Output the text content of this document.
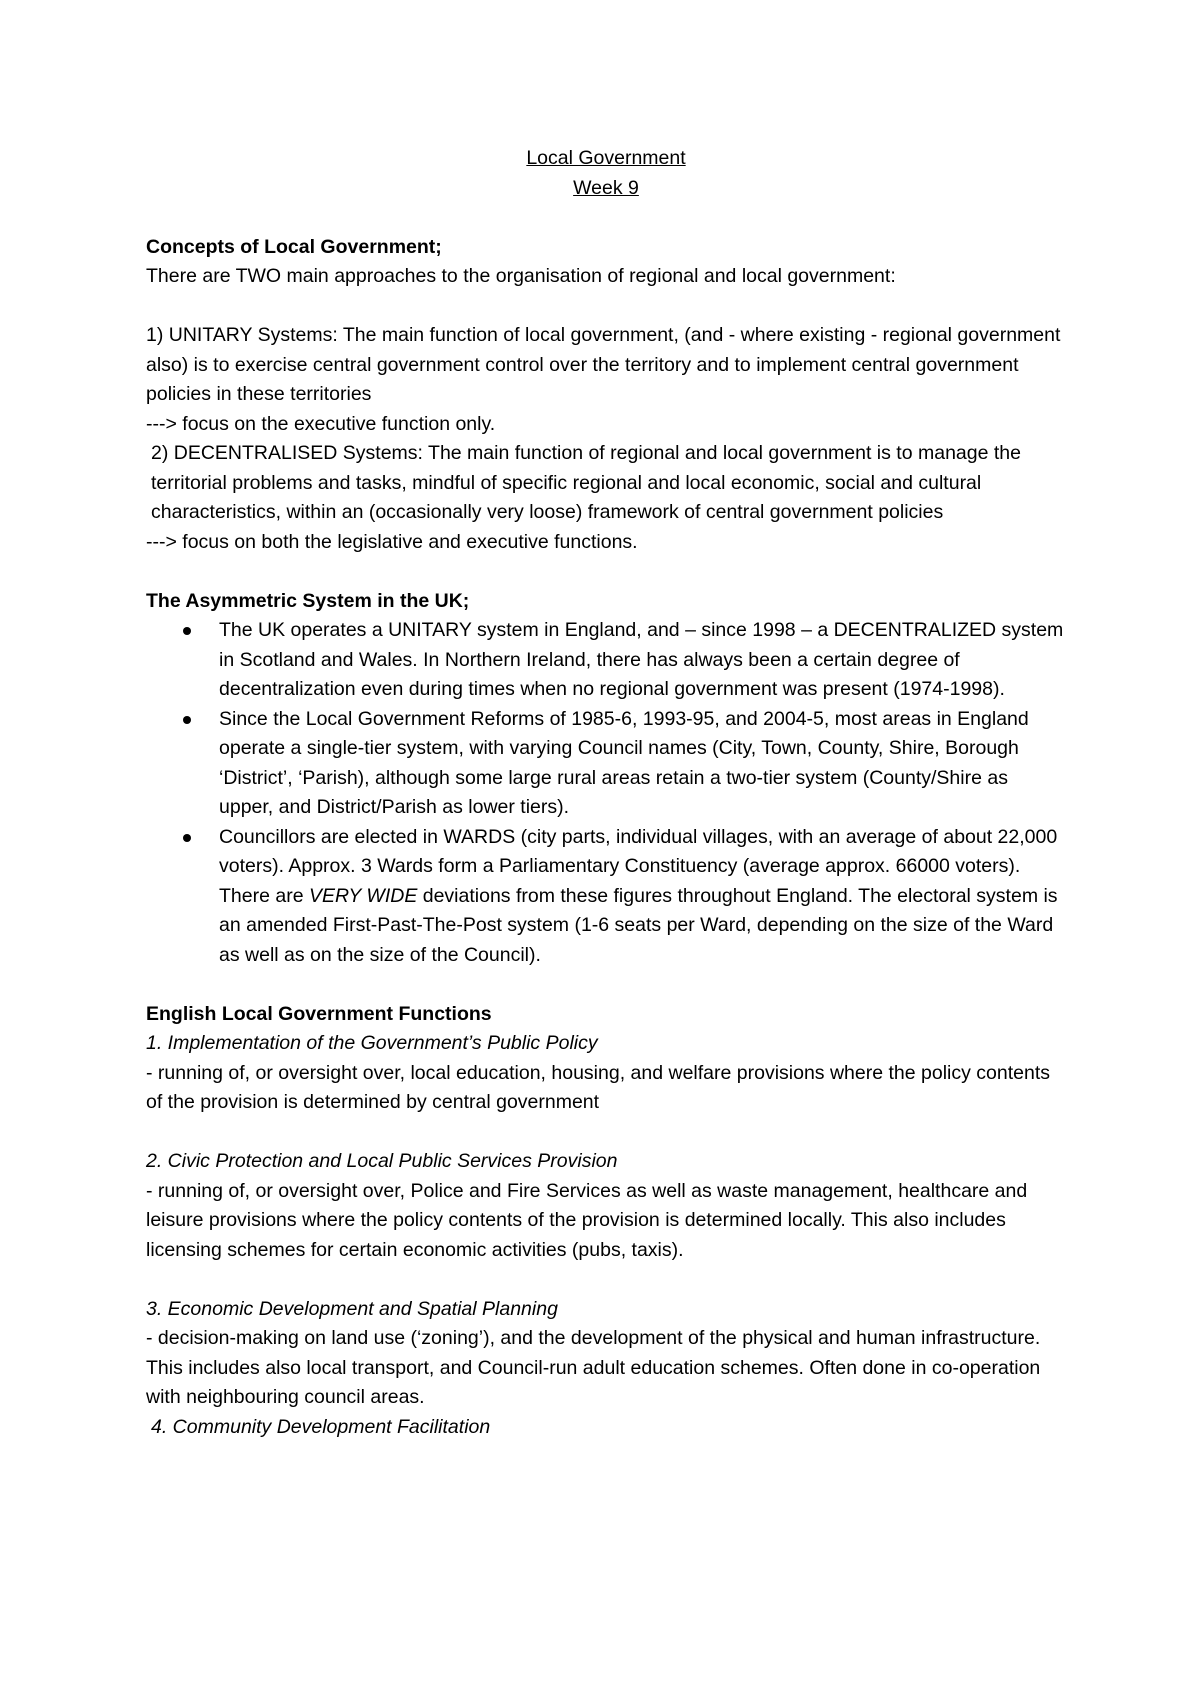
Local Government

Week 9

Concepts of Local Government;

There are TWO main approaches to the organisation of regional and local government:

1) UNITARY Systems: The main function of local government, (and - where existing - regional government also) is to exercise central government control over the territory and to implement central government policies in these territories

---> focus on the executive function only.

2) DECENTRALISED Systems: The main function of regional and local government is to manage the territorial problems and tasks, mindful of specific regional and local economic, social and cultural characteristics, within an (occasionally very loose) framework of central government policies

---> focus on both the legislative and executive functions.

The Asymmetric System in the UK;

The UK operates a UNITARY system in England, and – since 1998 – a DECENTRALIZED system in Scotland and Wales. In Northern Ireland, there has always been a certain degree of decentralization even during times when no regional government was present (1974-1998).
Since the Local Government Reforms of 1985-6, 1993-95, and 2004-5, most areas in England operate a single-tier system, with varying Council names (City, Town, County, Shire, Borough ‘District’, ‘Parish), although some large rural areas retain a two-tier system (County/Shire as upper, and District/Parish as lower tiers).
Councillors are elected in WARDS (city parts, individual villages, with an average of about 22,000 voters). Approx. 3 Wards form a Parliamentary Constituency (average approx. 66000 voters). There are VERY WIDE deviations from these figures throughout England. The electoral system is an amended First-Past-The-Post system (1-6 seats per Ward, depending on the size of the Ward as well as on the size of the Council).

English Local Government Functions

1. Implementation of the Government’s Public Policy

- running of, or oversight over, local education, housing, and welfare provisions where the policy contents of the provision is determined by central government

2. Civic Protection and Local Public Services Provision

- running of, or oversight over, Police and Fire Services as well as waste management, healthcare and leisure provisions where the policy contents of the provision is determined locally. This also includes licensing schemes for certain economic activities (pubs, taxis).

3. Economic Development and Spatial Planning

- decision-making on land use (‘zoning’), and the development of the physical and human infrastructure. This includes also local transport, and Council-run adult education schemes. Often done in co-operation with neighbouring council areas.

4. Community Development Facilitation
